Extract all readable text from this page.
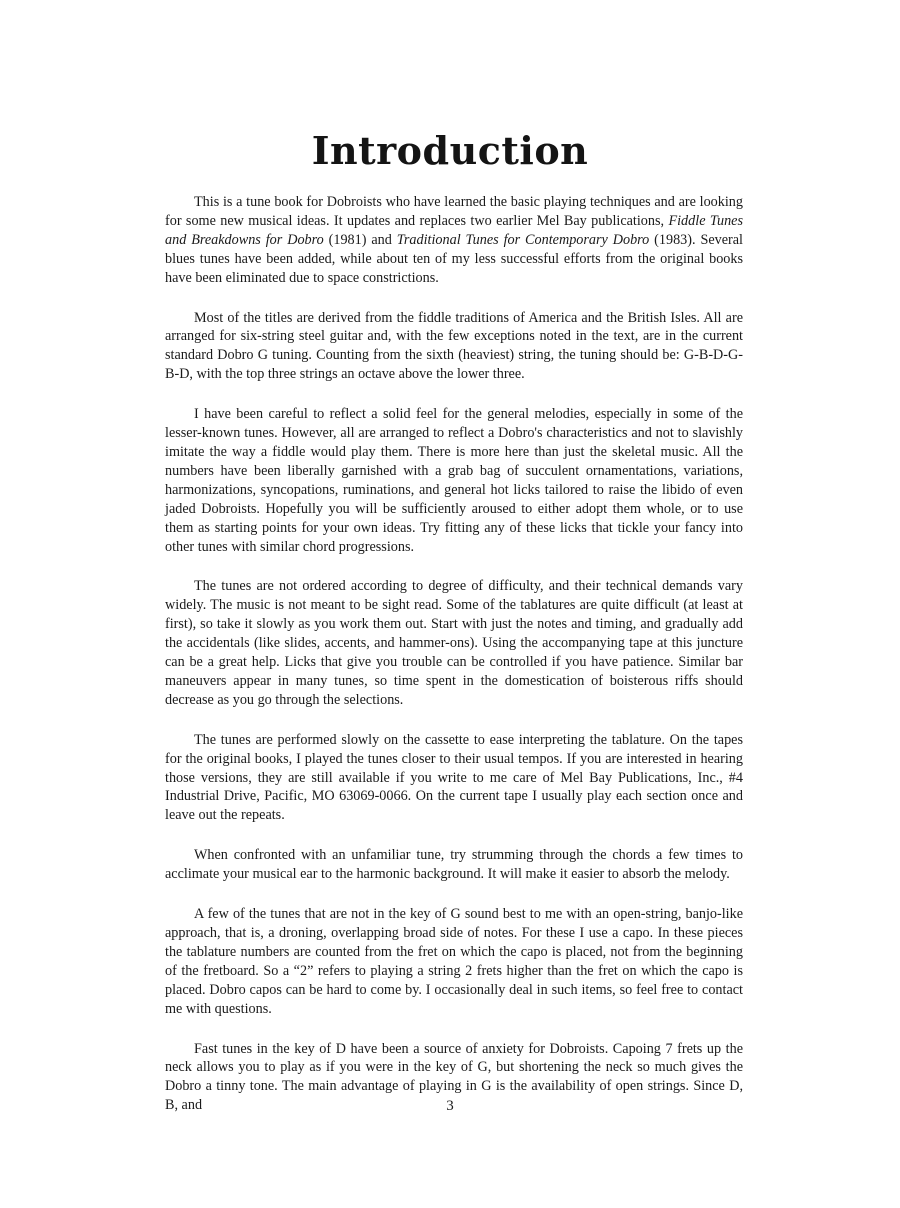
Introduction

This is a tune book for Dobroists who have learned the basic playing techniques and are looking for some new musical ideas. It updates and replaces two earlier Mel Bay publications, Fiddle Tunes and Breakdowns for Dobro (1981) and Traditional Tunes for Contemporary Dobro (1983). Several blues tunes have been added, while about ten of my less successful efforts from the original books have been eliminated due to space constrictions.

Most of the titles are derived from the fiddle traditions of America and the British Isles. All are arranged for six-string steel guitar and, with the few exceptions noted in the text, are in the current standard Dobro G tuning. Counting from the sixth (heaviest) string, the tuning should be: G-B-D-G-B-D, with the top three strings an octave above the lower three.

I have been careful to reflect a solid feel for the general melodies, especially in some of the lesser-known tunes. However, all are arranged to reflect a Dobro's characteristics and not to slavishly imitate the way a fiddle would play them. There is more here than just the skeletal music. All the numbers have been liberally garnished with a grab bag of succulent ornamentations, variations, harmonizations, syncopations, ruminations, and general hot licks tailored to raise the libido of even jaded Dobroists. Hopefully you will be sufficiently aroused to either adopt them whole, or to use them as starting points for your own ideas. Try fitting any of these licks that tickle your fancy into other tunes with similar chord progressions.

The tunes are not ordered according to degree of difficulty, and their technical demands vary widely. The music is not meant to be sight read. Some of the tablatures are quite difficult (at least at first), so take it slowly as you work them out. Start with just the notes and timing, and gradually add the accidentals (like slides, accents, and hammer-ons). Using the accompanying tape at this juncture can be a great help. Licks that give you trouble can be controlled if you have patience. Similar bar maneuvers appear in many tunes, so time spent in the domestication of boisterous riffs should decrease as you go through the selections.

The tunes are performed slowly on the cassette to ease interpreting the tablature. On the tapes for the original books, I played the tunes closer to their usual tempos. If you are interested in hearing those versions, they are still available if you write to me care of Mel Bay Publications, Inc., #4 Industrial Drive, Pacific, MO 63069-0066. On the current tape I usually play each section once and leave out the repeats.

When confronted with an unfamiliar tune, try strumming through the chords a few times to acclimate your musical ear to the harmonic background. It will make it easier to absorb the melody.

A few of the tunes that are not in the key of G sound best to me with an open-string, banjo-like approach, that is, a droning, overlapping broad side of notes. For these I use a capo. In these pieces the tablature numbers are counted from the fret on which the capo is placed, not from the beginning of the fretboard. So a “2” refers to playing a string 2 frets higher than the fret on which the capo is placed. Dobro capos can be hard to come by. I occasionally deal in such items, so feel free to contact me with questions.

Fast tunes in the key of D have been a source of anxiety for Dobroists. Capoing 7 frets up the neck allows you to play as if you were in the key of G, but shortening the neck so much gives the Dobro a tinny tone. The main advantage of playing in G is the availability of open strings. Since D, B, and	3
